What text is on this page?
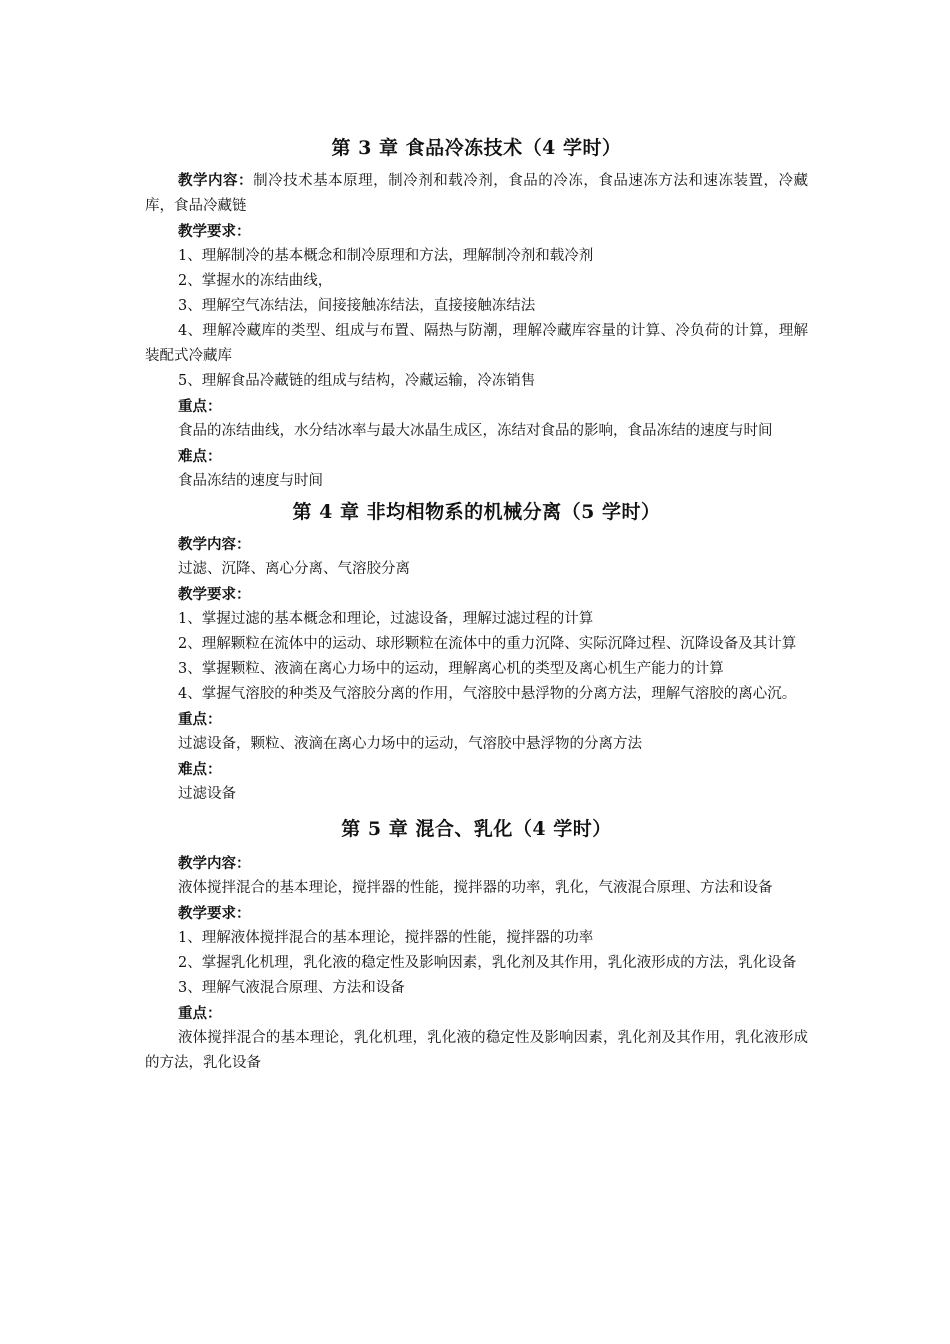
第 3 章 食品冷冻技术（4 学时）

教学内容：制冷技术基本原理，制冷剂和载冷剂，食品的冷冻，食品速冻方法和速冻装置，冷藏库，食品冷藏链

教学要求：

1、理解制冷的基本概念和制冷原理和方法，理解制冷剂和载冷剂

2、掌握水的冻结曲线，

3、理解空气冻结法，间接接触冻结法，直接接触冻结法

4、理解冷藏库的类型、组成与布置、隔热与防潮，理解冷藏库容量的计算、冷负荷的计算，理解装配式冷藏库

5、理解食品冷藏链的组成与结构，冷藏运输，冷冻销售

重点：

食品的冻结曲线，水分结冰率与最大冰晶生成区，冻结对食品的影响，食品冻结的速度与时间

难点：

食品冻结的速度与时间

第 4 章 非均相物系的机械分离（5 学时）

教学内容：

过滤、沉降、离心分离、气溶胶分离

教学要求：

1、掌握过滤的基本概念和理论，过滤设备，理解过滤过程的计算

2、理解颗粒在流体中的运动、球形颗粒在流体中的重力沉降、实际沉降过程、沉降设备及其计算

3、掌握颗粒、液滴在离心力场中的运动，理解离心机的类型及离心机生产能力的计算

4、掌握气溶胶的种类及气溶胶分离的作用，气溶胶中悬浮物的分离方法，理解气溶胶的离心沉。

重点：

过滤设备，颗粒、液滴在离心力场中的运动，气溶胶中悬浮物的分离方法

难点：

过滤设备

第 5 章 混合、乳化（4 学时）

教学内容：

液体搅拌混合的基本理论，搅拌器的性能，搅拌器的功率，乳化，气液混合原理、方法和设备

教学要求：

1、理解液体搅拌混合的基本理论，搅拌器的性能，搅拌器的功率

2、掌握乳化机理，乳化液的稳定性及影响因素，乳化剂及其作用，乳化液形成的方法，乳化设备

3、理解气液混合原理、方法和设备

重点：

液体搅拌混合的基本理论，乳化机理，乳化液的稳定性及影响因素，乳化剂及其作用，乳化液形成的方法，乳化设备
